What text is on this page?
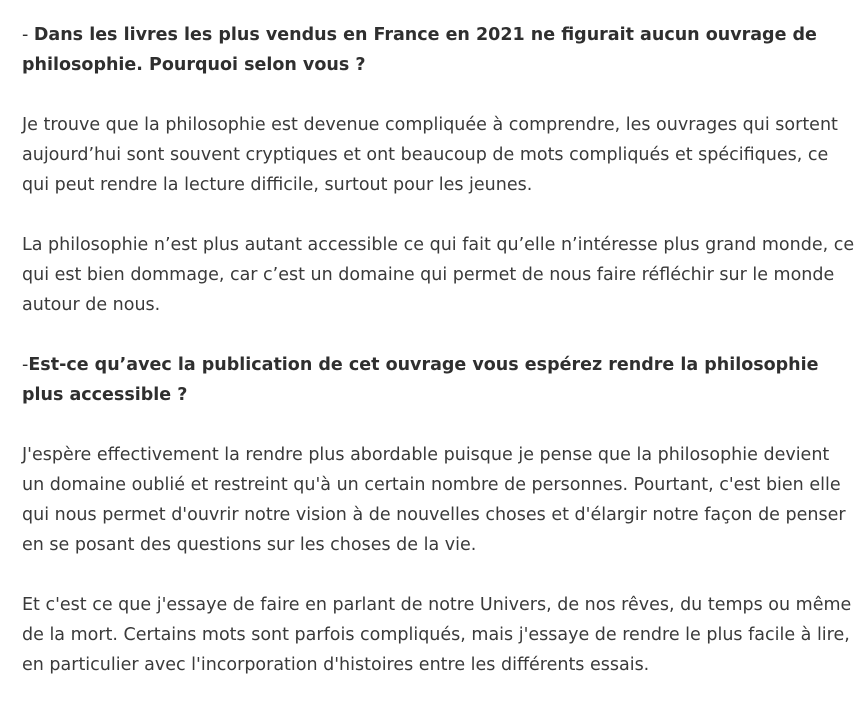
- Dans les livres les plus vendus en France en 2021 ne figurait aucun ouvrage de philosophie. Pourquoi selon vous ?

Je trouve que la philosophie est devenue compliquée à comprendre, les ouvrages qui sortent aujourd’hui sont souvent cryptiques et ont beaucoup de mots compliqués et spécifiques, ce qui peut rendre la lecture difficile, surtout pour les jeunes.

La philosophie n’est plus autant accessible ce qui fait qu’elle n’intéresse plus grand monde, ce qui est bien dommage, car c’est un domaine qui permet de nous faire réfléchir sur le monde autour de nous.

-Est-ce qu’avec la publication de cet ouvrage vous espérez rendre la philosophie plus accessible ?

J'espère effectivement la rendre plus abordable puisque je pense que la philosophie devient un domaine oublié et restreint qu'à un certain nombre de personnes. Pourtant, c'est bien elle qui nous permet d'ouvrir notre vision à de nouvelles choses et d'élargir notre façon de penser en se posant des questions sur les choses de la vie.

Et c'est ce que j'essaye de faire en parlant de notre Univers, de nos rêves, du temps ou même de la mort. Certains mots sont parfois compliqués, mais j'essaye de rendre le plus facile à lire, en particulier avec l'incorporation d'histoires entre les différents essais.
